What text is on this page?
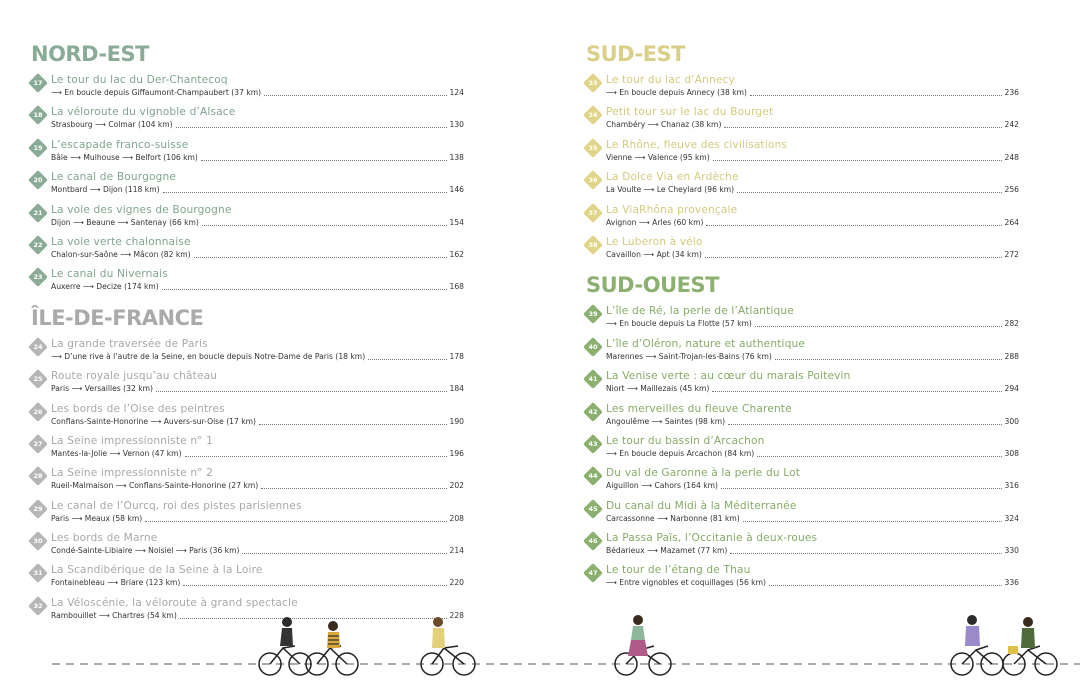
NORD-EST
17 Le tour du lac du Der-Chantecoq
⟶ En boucle depuis Giffaumont-Champaubert (37 km)	124
18 La véloroute du vignoble d’Alsace
Strasbourg ⟶ Colmar (104 km)	130
19 L’escapade franco-suisse
Bâle ⟶ Mulhouse ⟶ Belfort (106 km)	138
20 Le canal de Bourgogne
Montbard ⟶ Dijon (118 km)	146
21 La voie des vignes de Bourgogne
Dijon ⟶ Beaune ⟶ Santenay (66 km)	154
22 La voie verte chalonnaise
Chalon-sur-Saône ⟶ Mâcon (82 km)	162
23 Le canal du Nivernais
Auxerre ⟶ Decize (174 km)	168
ÎLE-DE-FRANCE
24 La grande traversée de Paris
⟶ D’une rive à l’autre de la Seine, en boucle depuis Notre-Dame de Paris (18 km)	178
25 Route royale jusqu’au château
Paris ⟶ Versailles (32 km)	184
26 Les bords de l’Oise des peintres
Conflans-Sainte-Honorine ⟶ Auvers-sur-Oise (17 km)	190
27 La Seine impressionniste n° 1
Mantes-la-Jolie ⟶ Vernon (47 km)	196
28 La Seine impressionniste n° 2
Rueil-Malmaison ⟶ Conflans-Sainte-Honorine (27 km)	202
29 Le canal de l’Ourcq, roi des pistes parisiennes
Paris ⟶ Meaux (58 km)	208
30 Les bords de Marne
Condé-Sainte-Libiaire ⟶ Noisiel ⟶ Paris (36 km)	214
31 La Scandibérique de la Seine à la Loire
Fontainebleau ⟶ Briare (123 km)	220
32 La Véloscénie, la véloroute à grand spectacle
Rambouillet ⟶ Chartres (54 km)	228
SUD-EST
33 Le tour du lac d’Annecy
⟶ En boucle depuis Annecy (38 km)	236
34 Petit tour sur le lac du Bourget
Chambéry ⟶ Chanaz (38 km)	242
35 Le Rhône, fleuve des civilisations
Vienne ⟶ Valence (95 km)	248
36 La Dolce Via en Ardèche
La Voulte ⟶ Le Cheylard (96 km)	256
37 La ViaRhôna provençale
Avignon ⟶ Arles (60 km)	264
38 Le Luberon à vélo
Cavaillon ⟶ Apt (34 km)	272
SUD-OUEST
39 L’île de Ré, la perle de l’Atlantique
⟶ En boucle depuis La Flotte (57 km)	282
40 L’île d’Oléron, nature et authentique
Marennes ⟶ Saint-Trojan-les-Bains (76 km)	288
41 La Venise verte : au cœur du marais Poitevin
Niort ⟶ Maillezais (45 km)	294
42 Les merveilles du fleuve Charente
Angoulême ⟶ Saintes (98 km)	300
43 Le tour du bassin d’Arcachon
⟶ En boucle depuis Arcachon (84 km)	308
44 Du val de Garonne à la perle du Lot
Aiguillon ⟶ Cahors (164 km)	316
45 Du canal du Midi à la Méditerranée
Carcassonne ⟶ Narbonne (81 km)	324
46 La Passa Païs, l’Occitanie à deux-roues
Bédarieux ⟶ Mazamet (77 km)	330
47 Le tour de l’étang de Thau
⟶ Entre vignobles et coquillages (56 km)	336
